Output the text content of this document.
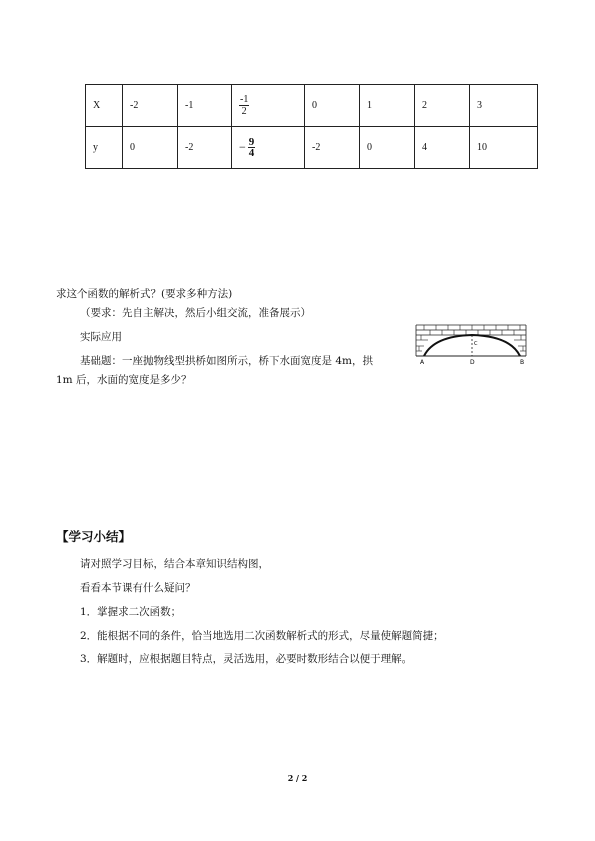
X	-2	-1	$\frac{-1}{2}$	0	1	2	3
y	0	-2	− $\frac{9}{4}$	-2	0	4	10
求这个函数的解析式？(要求多种方法)
（要求：先自主解决，然后小组交流，准备展示）
实际应用
基础题：一座抛物线型拱桥如图所示，桥下水面宽度是 4m，拱
1m 后，水面的宽度是多少？
A	D
C
B
【学习小结】
请对照学习目标，结合本章知识结构图，
看看本节课有什么疑问？
1．掌握求二次函数；
2．能根据不同的条件，恰当地选用二次函数解析式的形式，尽量使解题简捷；
3．解题时，应根据题目特点，灵活选用，必要时数形结合以便于理解。
2 / 2
